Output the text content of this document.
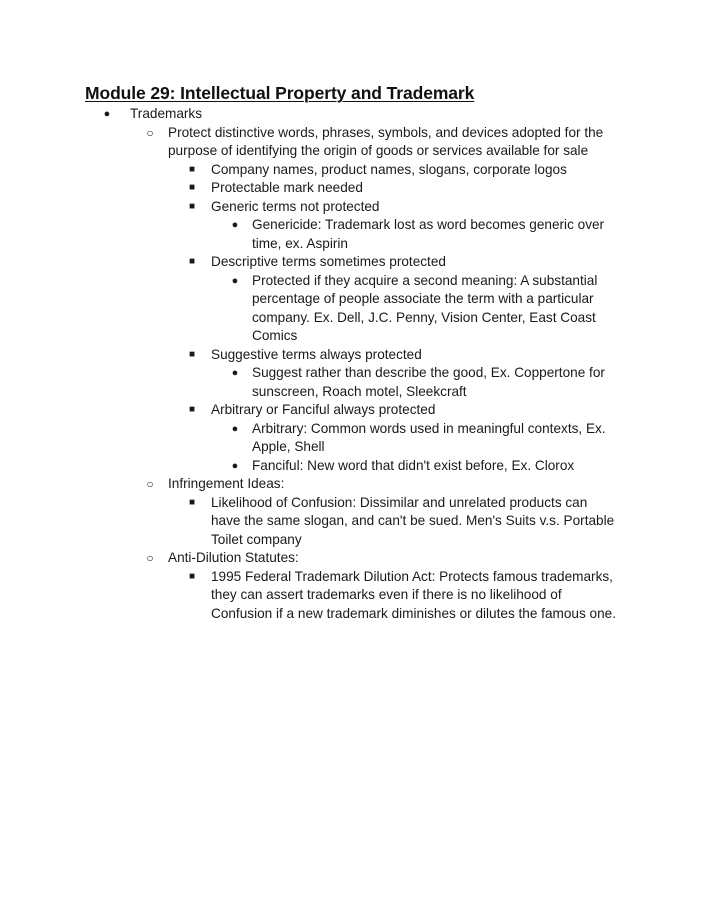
Module 29: Intellectual Property and Trademark
● Trademarks
○ Protect distinctive words, phrases, symbols, and devices adopted for the
purpose of identifying the origin of goods or services available for sale
■ Company names, product names, slogans, corporate logos
■ Protectable mark needed
■ Generic terms not protected
● Genericide: Trademark lost as word becomes generic over
time, ex. Aspirin
■ Descriptive terms sometimes protected
● Protected if they acquire a second meaning: A substantial
percentage of people associate the term with a particular
company. Ex. Dell, J.C. Penny, Vision Center, East Coast
Comics
■ Suggestive terms always protected
● Suggest rather than describe the good, Ex. Coppertone for
sunscreen, Roach motel, Sleekcraft
■ Arbitrary or Fanciful always protected
● Arbitrary: Common words used in meaningful contexts, Ex.
Apple, Shell
● Fanciful: New word that didn't exist before, Ex. Clorox
○ Infringement Ideas:
■ Likelihood of Confusion: Dissimilar and unrelated products can
have the same slogan, and can't be sued. Men's Suits v.s. Portable
Toilet company
○ Anti-Dilution Statutes:
■ 1995 Federal Trademark Dilution Act: Protects famous trademarks,
they can assert trademarks even if there is no likelihood of
Confusion if a new trademark diminishes or dilutes the famous one.
